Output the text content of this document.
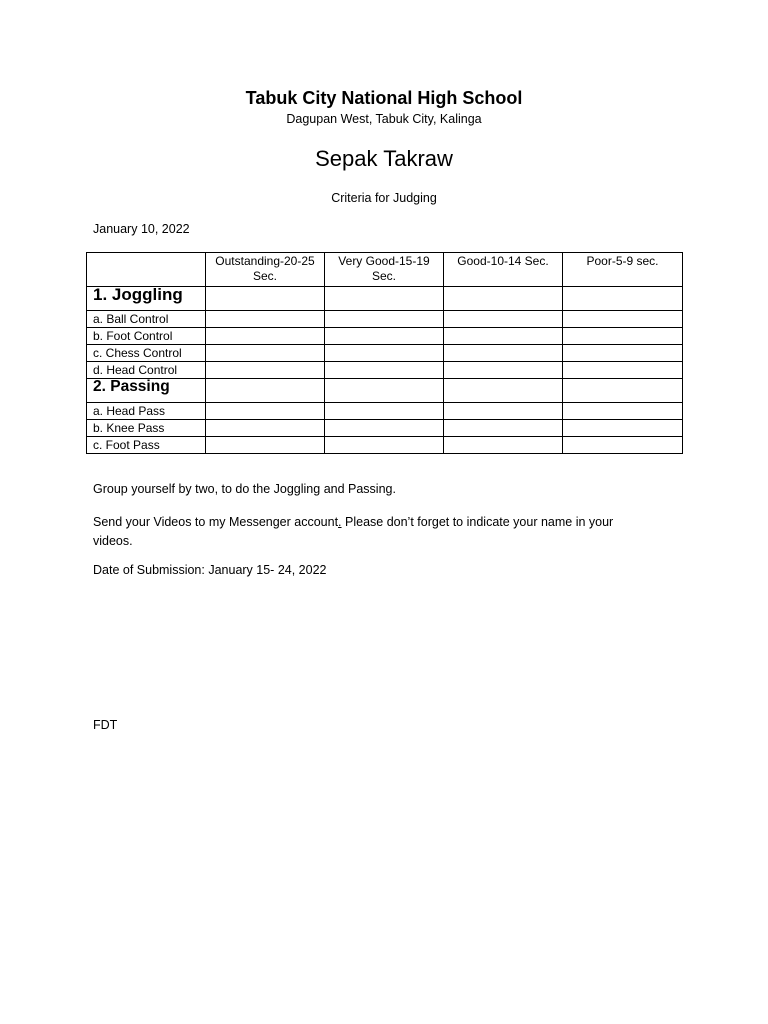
Tabuk City National High School
Dagupan West, Tabuk City, Kalinga
Sepak Takraw
Criteria for Judging
January 10, 2022
	Outstanding-20-25 Sec.	Very Good-15-19 Sec.	Good-10-14 Sec.	Poor-5-9 sec.
1. Joggling				
a. Ball Control				
b. Foot Control				
c. Chess Control				
d. Head Control				
2. Passing				
a. Head Pass				
b. Knee Pass				
c. Foot Pass				
Group yourself by two, to do the Joggling and Passing.
Send your Videos to my Messenger account. Please don’t forget to indicate your name in your videos.
Date of Submission: January 15- 24, 2022
FDT
